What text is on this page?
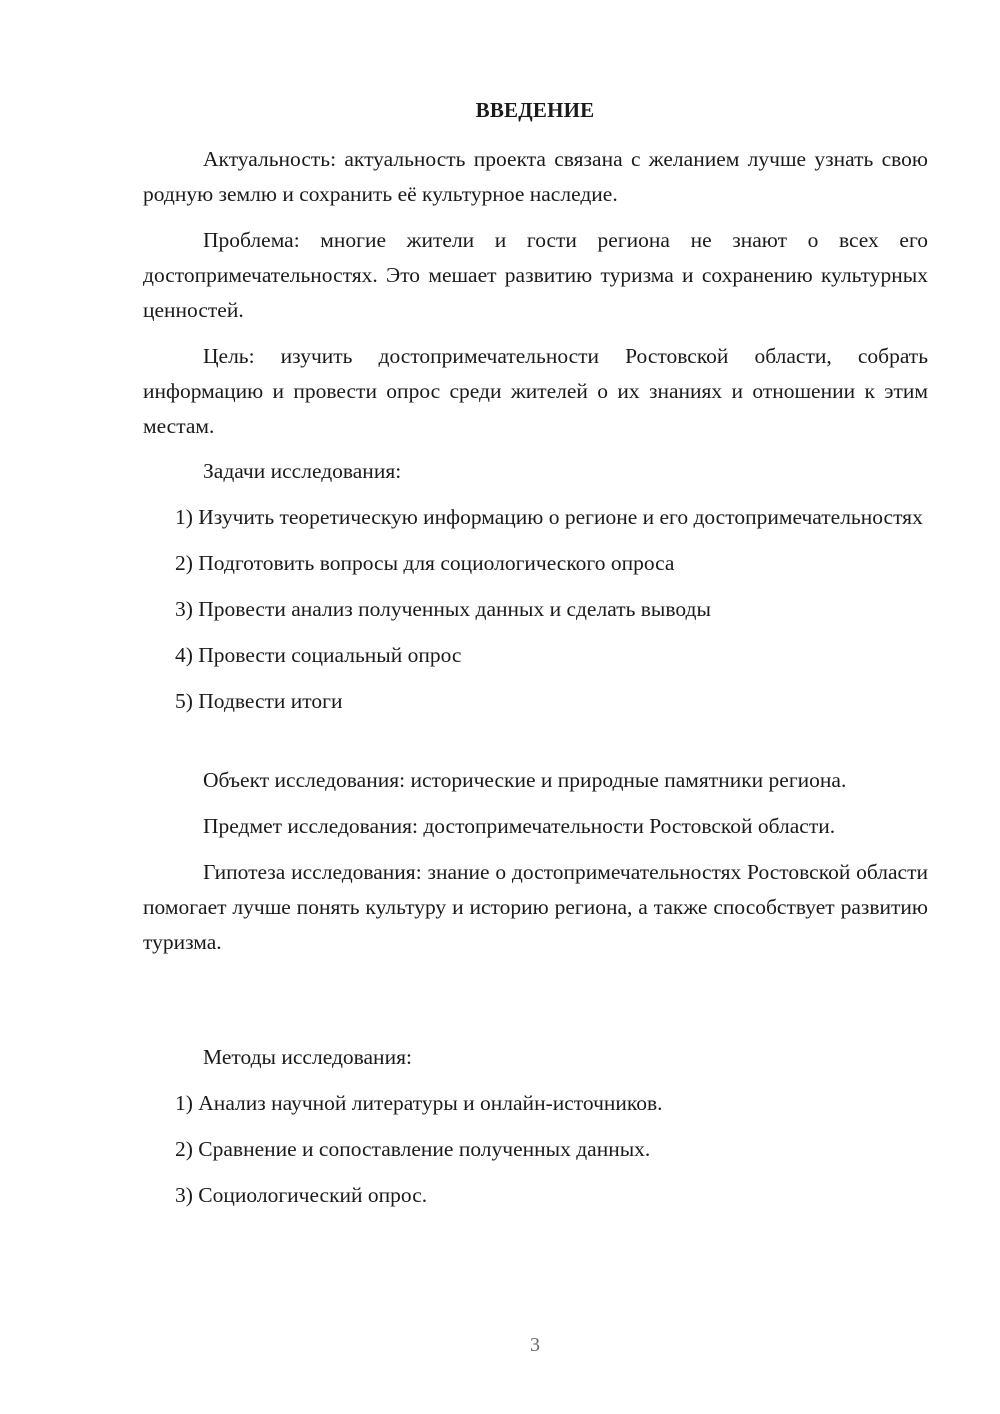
ВВЕДЕНИЕ

Актуальность: актуальность проекта связана с желанием лучше узнать свою родную землю и сохранить её культурное наследие.

Проблема: многие жители и гости региона не знают о всех его достопримечательностях. Это мешает развитию туризма и сохранению культурных ценностей.

Цель: изучить достопримечательности Ростовской области, собрать информацию и провести опрос среди жителей о их знаниях и отношении к этим местам.

Задачи исследования:

1) Изучить теоретическую информацию о регионе и его достопримечательностях

2) Подготовить вопросы для социологического опроса

3) Провести анализ полученных данных и сделать выводы

4) Провести социальный опрос

5) Подвести итоги

Объект исследования: исторические и природные памятники региона.

Предмет исследования: достопримечательности Ростовской области.

Гипотеза исследования: знание о достопримечательностях Ростовской области помогает лучше понять культуру и историю региона, а также способствует развитию туризма.

Методы исследования:

1) Анализ научной литературы и онлайн-источников.

2) Сравнение и сопоставление полученных данных.

3) Социологический опрос.

3
